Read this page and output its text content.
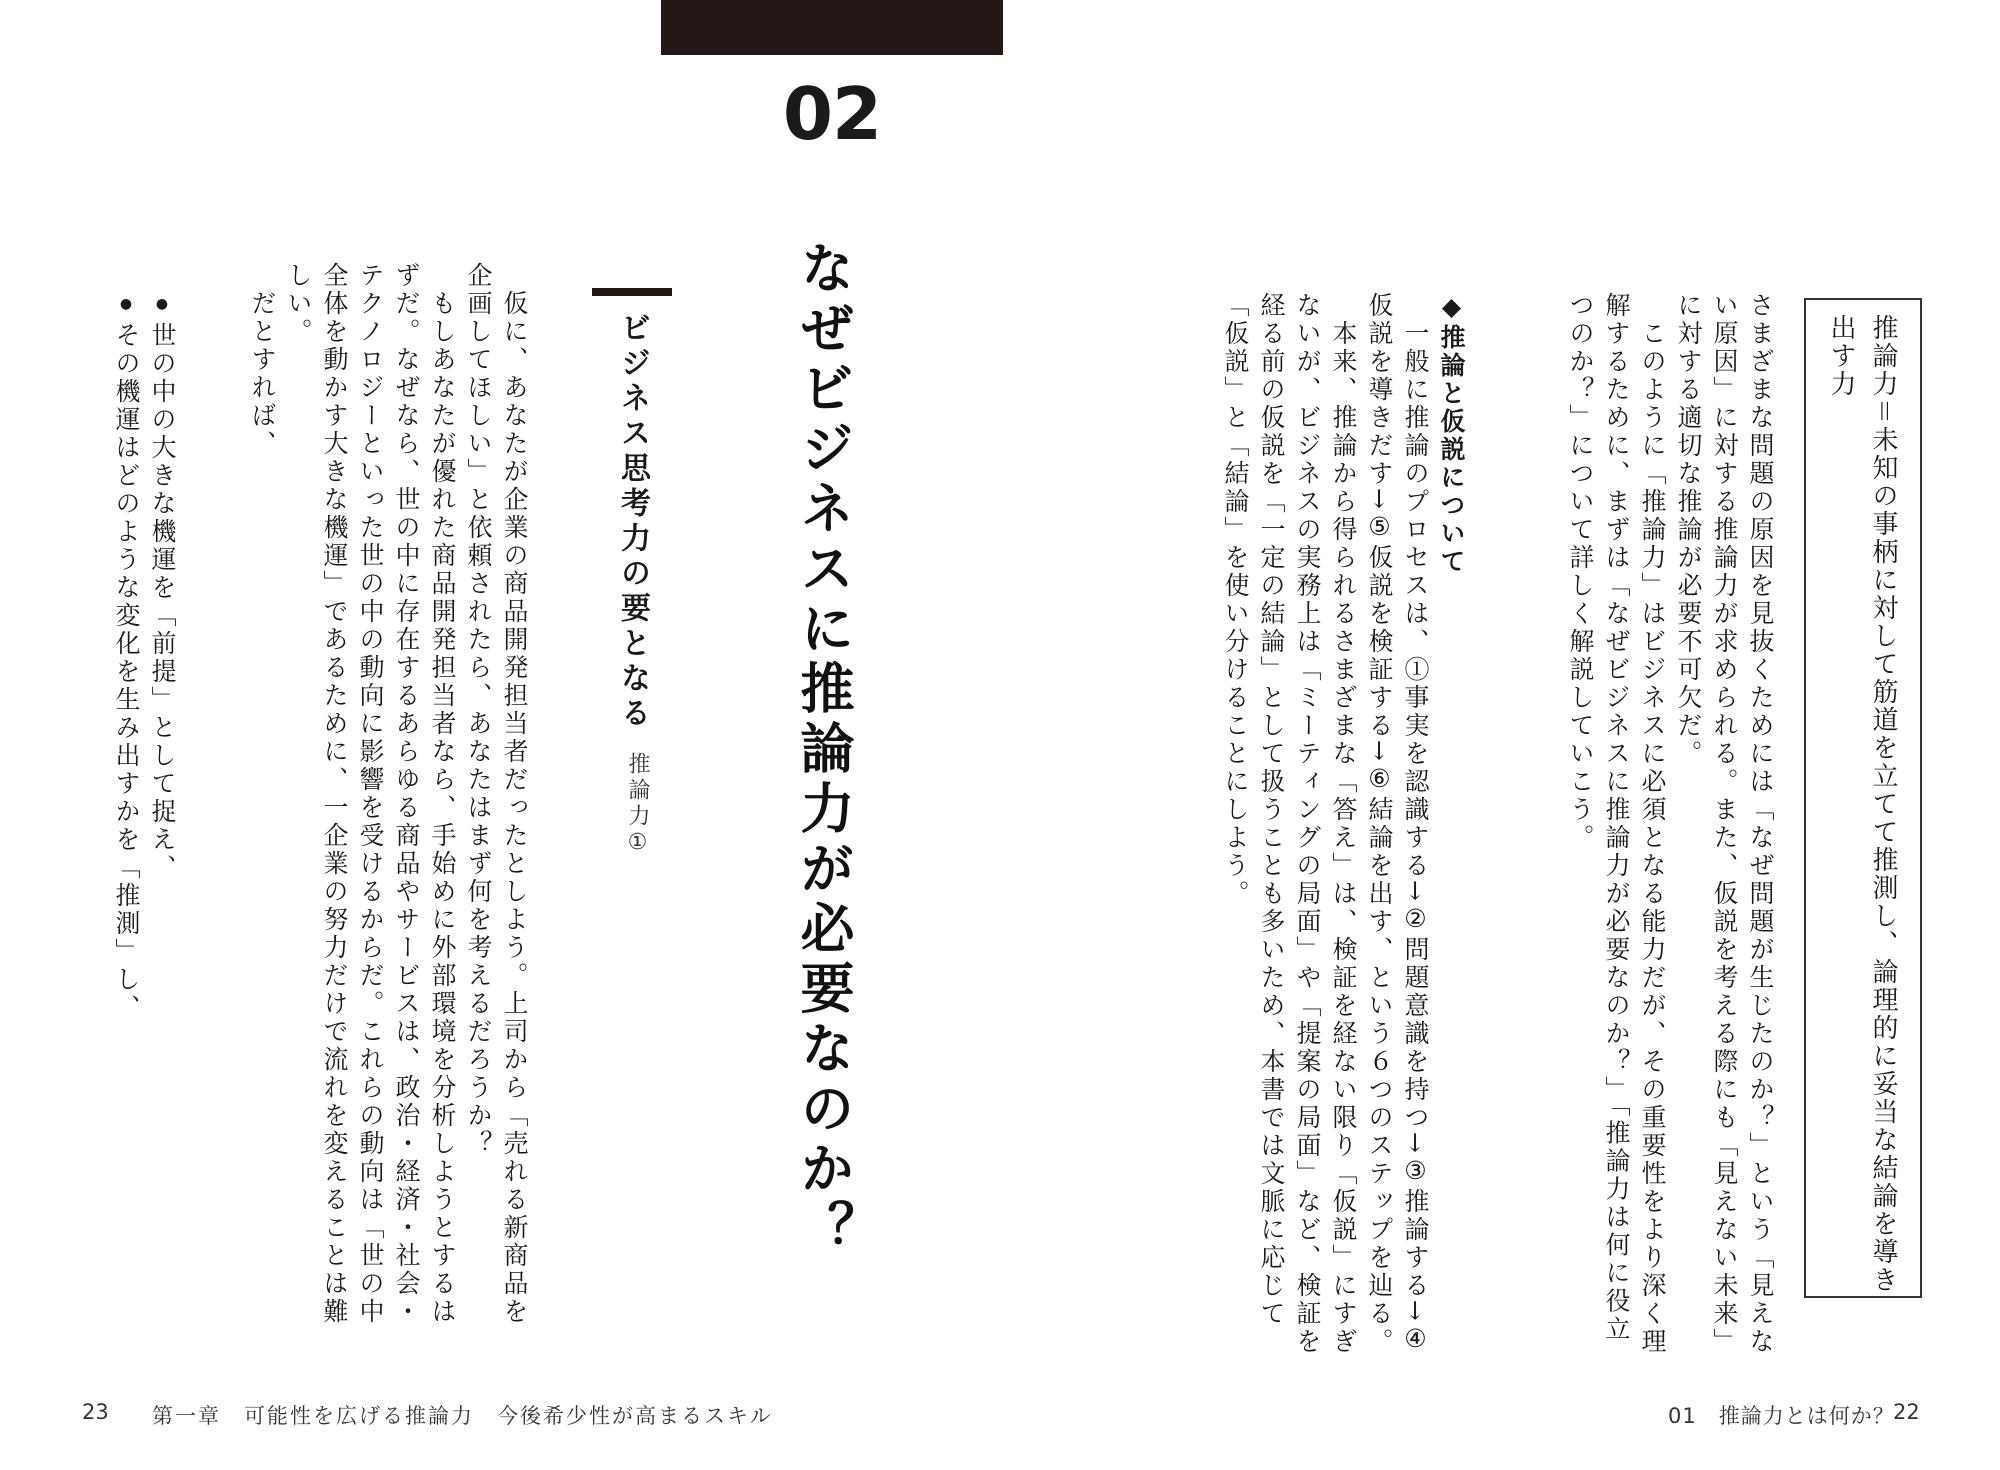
02
推論力＝未知の事柄に対して筋道を立てて推測し、論理的に妥当な結論を導き出す力

さまざまな問題の原因を見抜くためには「なぜ問題が生じたのか？」という「見えない原因」に対する推論力が求められる。また、仮説を考える際にも「見えない未来」に対する適切な推論が必要不可欠だ。

　このように「推論力」はビジネスに必須となる能力だが、その重要性をより深く理解するために、まずは「なぜビジネスに推論力が必要なのか？」「推論力は何に役立つのか？」について詳しく解説していこう。

◆推論と仮説について

　一般に推論のプロセスは、①事実を認識する→②問題意識を持つ→③推論する→④仮説を導きだす→⑤仮説を検証する→⑥結論を出す、という６つのステップを辿る。

　本来、推論から得られるさまざまな「答え」は、検証を経ない限り「仮説」にすぎないが、ビジネスの実務上は「ミーティングの局面」や「提案の局面」など、検証を経る前の仮説を「一定の結論」として扱うことも多いため、本書では文脈に応じて「仮説」と「結論」を使い分けることにしよう。

なぜビジネスに推論力が必要なのか？
ビジネス思考力の要となる
推論力①

　仮に、あなたが企業の商品開発担当者だったとしよう。上司から「売れる新商品を企画してほしい」と依頼されたら、あなたはまず何を考えるだろうか？

　もしあなたが優れた商品開発担当者なら、手始めに外部環境を分析しようとするはずだ。なぜなら、世の中に存在するあらゆる商品やサービスは、政治・経済・社会・テクノロジーといった世の中の動向に影響を受けるからだ。これらの動向は「世の中全体を動かす大きな機運」であるために、一企業の努力だけで流れを変えることは難しい。

　だとすれば、

● 世の中の大きな機運を「前提」として捉え、
● その機運はどのような変化を生み出すかを「推測」し、
23 第一章　可能性を広げる推論力　今後希少性が高まるスキル	01　推論力とは何か？
22
